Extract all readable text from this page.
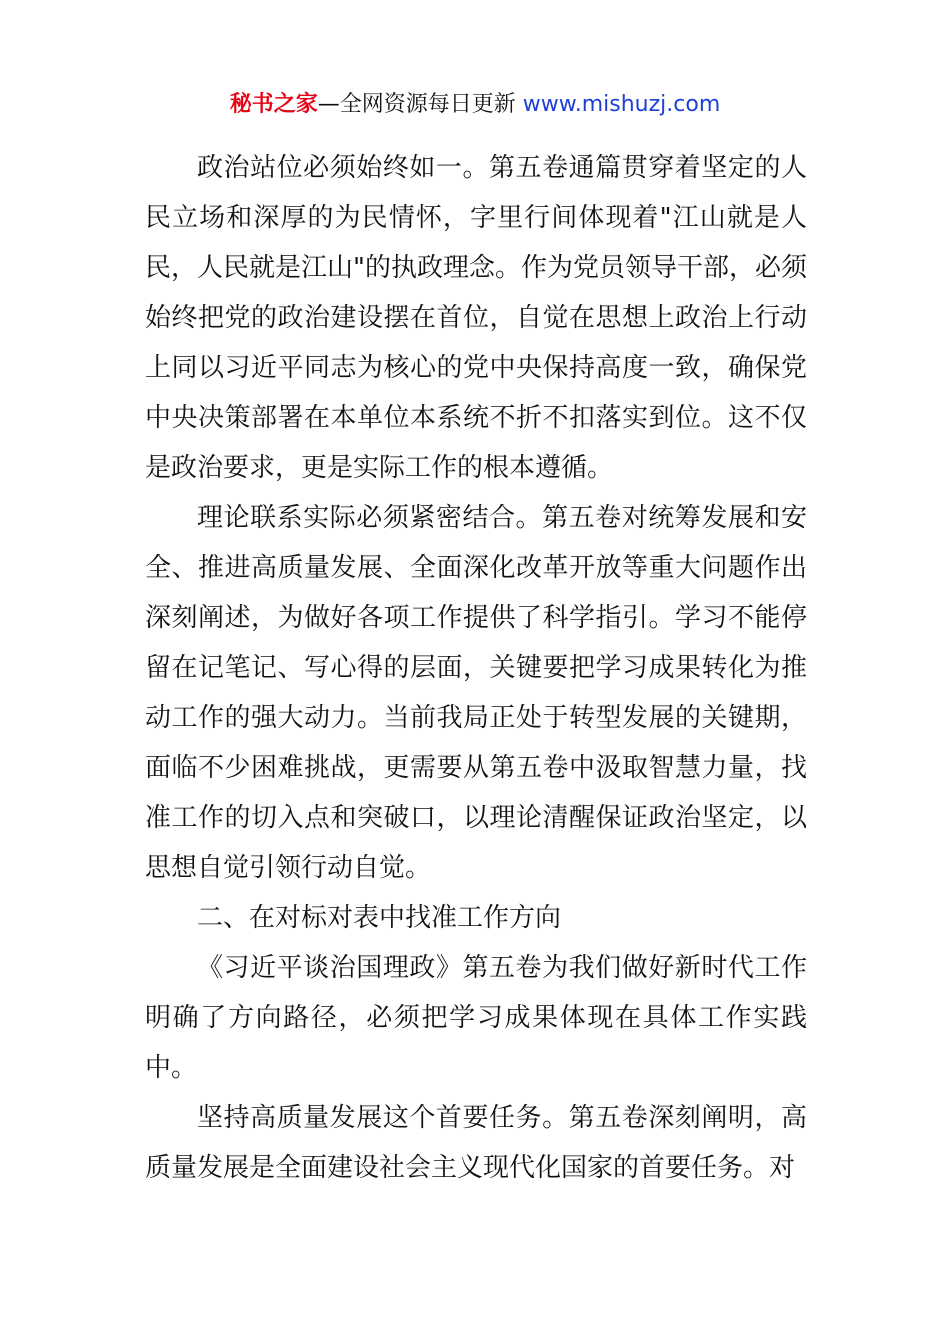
秘书之家—全网资源每日更新 www.mishuzj.com

政治站位必须始终如一。第五卷通篇贯穿着坚定的人民立场和深厚的为民情怀，字里行间体现着"江山就是人民，人民就是江山"的执政理念。作为党员领导干部，必须始终把党的政治建设摆在首位，自觉在思想上政治上行动上同以习近平同志为核心的党中央保持高度一致，确保党中央决策部署在本单位本系统不折不扣落实到位。这不仅是政治要求，更是实际工作的根本遵循。

理论联系实际必须紧密结合。第五卷对统筹发展和安全、推进高质量发展、全面深化改革开放等重大问题作出深刻阐述，为做好各项工作提供了科学指引。学习不能停留在记笔记、写心得的层面，关键要把学习成果转化为推动工作的强大动力。当前我局正处于转型发展的关键期，面临不少困难挑战，更需要从第五卷中汲取智慧力量，找准工作的切入点和突破口，以理论清醒保证政治坚定，以思想自觉引领行动自觉。

二、在对标对表中找准工作方向

《习近平谈治国理政》第五卷为我们做好新时代工作明确了方向路径，必须把学习成果体现在具体工作实践中。

坚持高质量发展这个首要任务。第五卷深刻阐明，高质量发展是全面建设社会主义现代化国家的首要任务。对
